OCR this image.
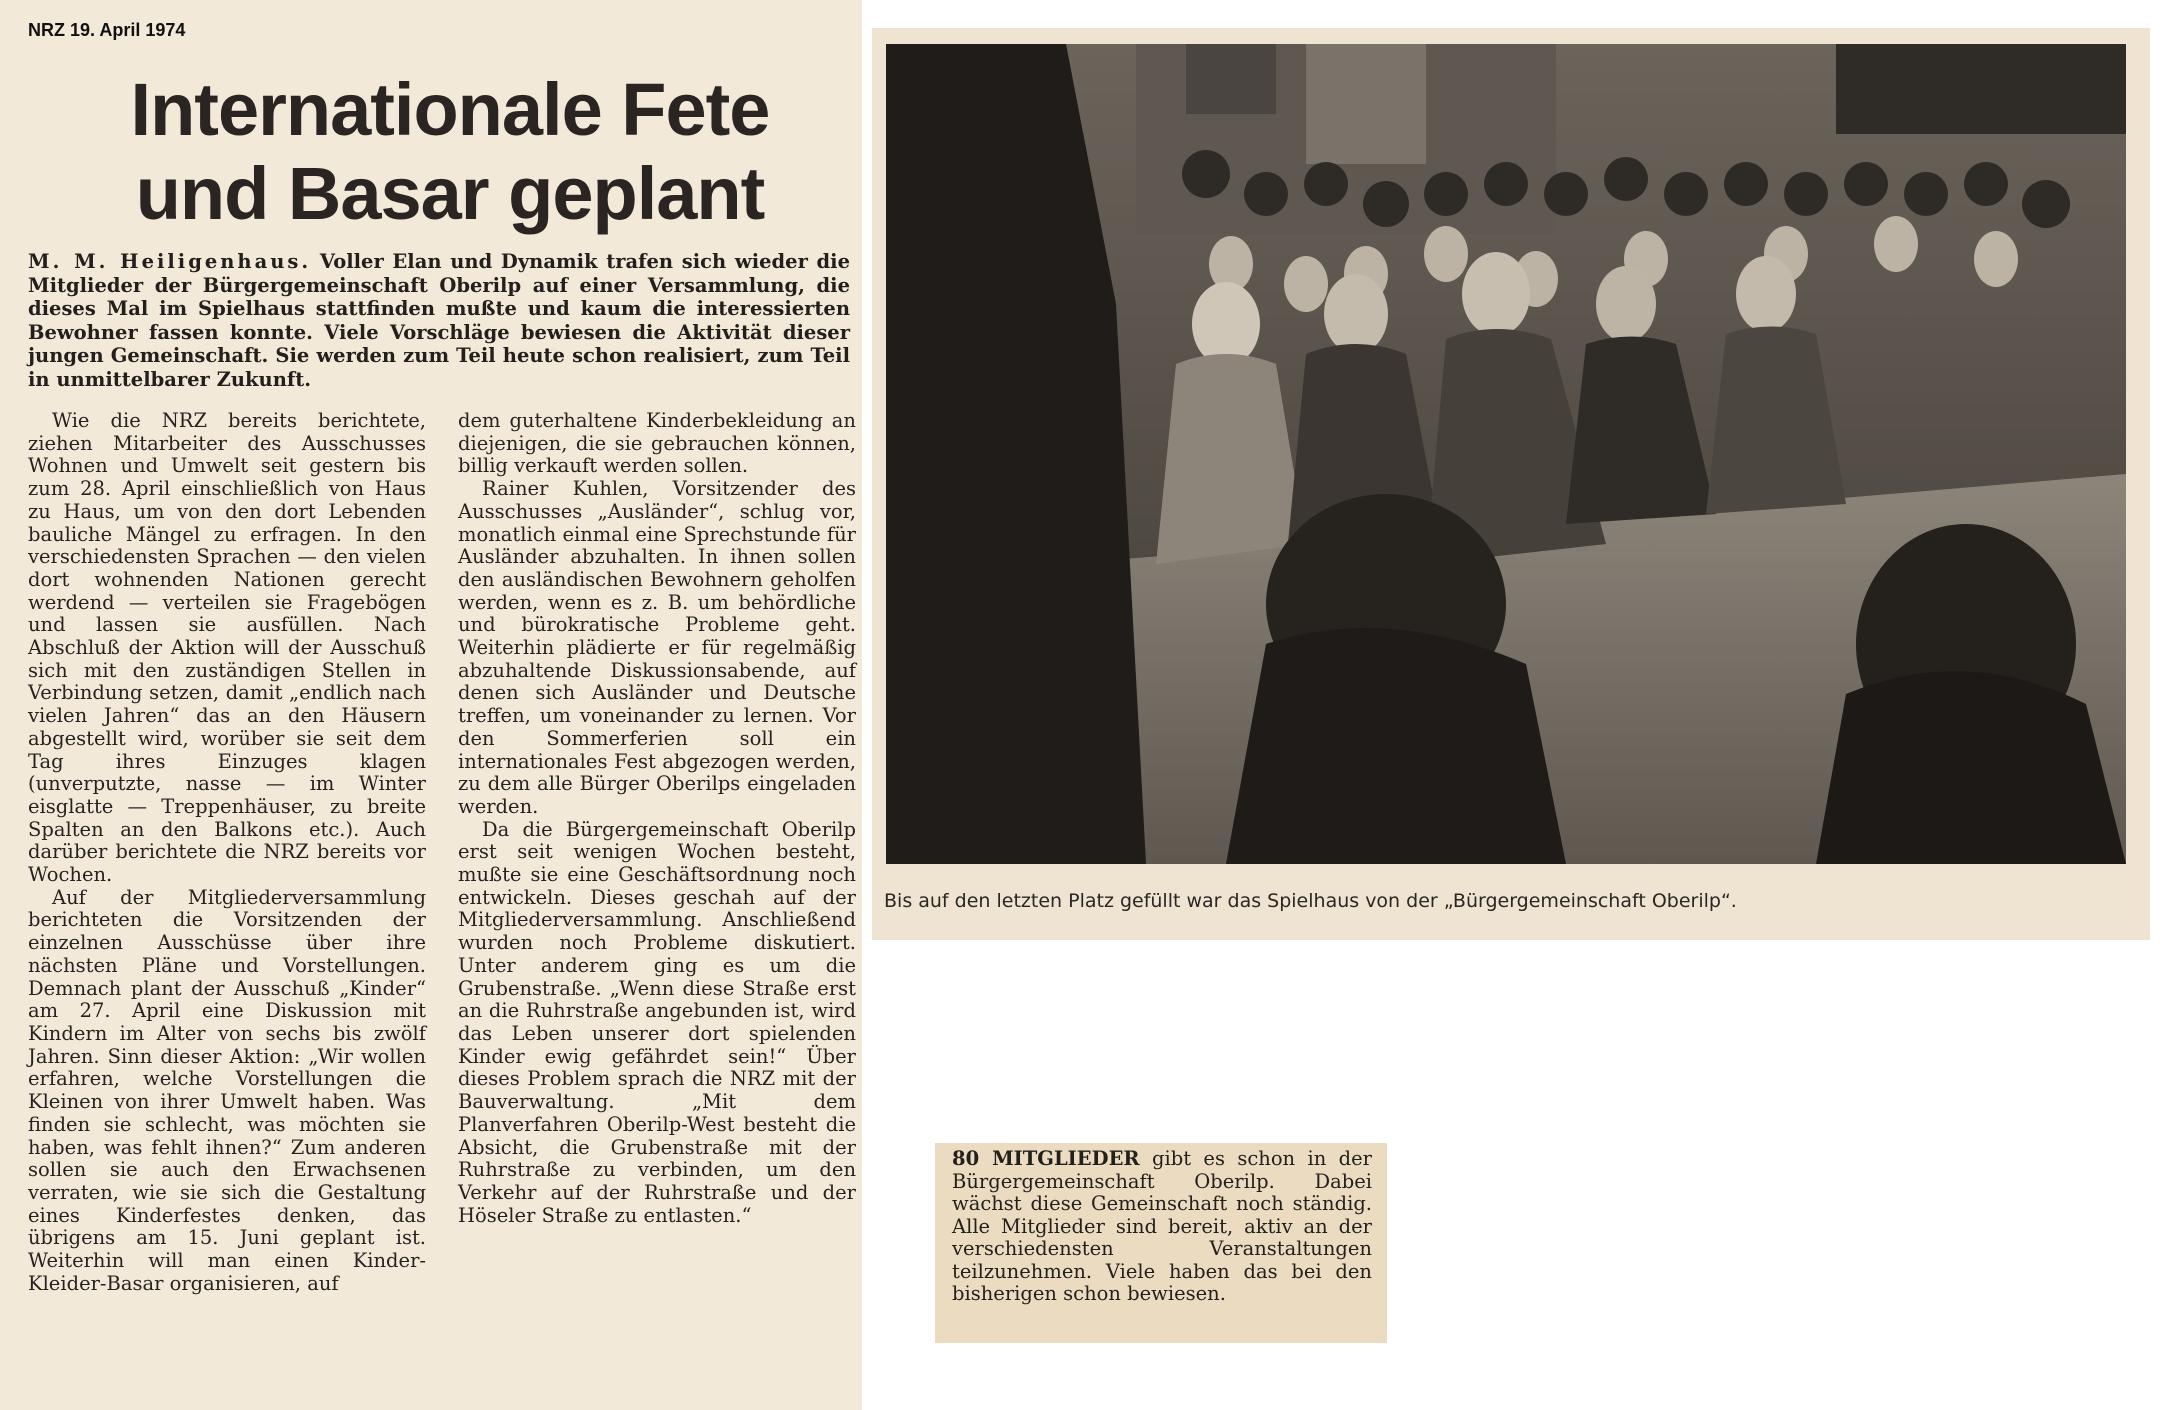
NRZ 19. April 1974
Internationale Fete
und Basar geplant

M. M. Heiligenhaus. Voller Elan und Dynamik trafen sich wieder die Mitglieder der Bürgergemeinschaft Oberilp auf einer Versammlung, die dieses Mal im Spielhaus stattfinden mußte und kaum die interessierten Bewohner fassen konnte. Viele Vorschläge bewiesen die Aktivität dieser jungen Gemeinschaft. Sie werden zum Teil heute schon realisiert, zum Teil in unmittelbarer Zukunft.

Wie die NRZ bereits berichtete, ziehen Mitarbeiter des Ausschusses Wohnen und Umwelt seit gestern bis zum 28. April einschließlich von Haus zu Haus, um von den dort Lebenden bauliche Mängel zu erfragen. In den verschiedensten Sprachen — den vielen dort wohnenden Nationen gerecht werdend — verteilen sie Fragebögen und lassen sie ausfüllen. Nach Abschluß der Aktion will der Ausschuß sich mit den zuständigen Stellen in Verbindung setzen, damit „endlich nach vielen Jahren“ das an den Häusern abgestellt wird, worüber sie seit dem Tag ihres Einzuges klagen (unverputzte, nasse — im Winter eisglatte — Treppenhäuser, zu breite Spalten an den Balkons etc.). Auch darüber berichtete die NRZ bereits vor Wochen.

Auf der Mitgliederversammlung berichteten die Vorsitzenden der einzelnen Ausschüsse über ihre nächsten Pläne und Vorstellungen. Demnach plant der Ausschuß „Kinder“ am 27. April eine Diskussion mit Kindern im Alter von sechs bis zwölf Jahren. Sinn dieser Aktion: „Wir wollen erfahren, welche Vorstellungen die Kleinen von ihrer Umwelt haben. Was finden sie schlecht, was möchten sie haben, was fehlt ihnen?“ Zum anderen sollen sie auch den Erwachsenen verraten, wie sie sich die Gestaltung eines Kinderfestes denken, das übrigens am 15. Juni geplant ist. Weiterhin will man einen Kinder-Kleider-Basar organisieren, auf

dem guterhaltene Kinderbekleidung an diejenigen, die sie gebrauchen können, billig verkauft werden sollen.

Rainer Kuhlen, Vorsitzender des Ausschusses „Ausländer“, schlug vor, monatlich einmal eine Sprechstunde für Ausländer abzuhalten. In ihnen sollen den ausländischen Bewohnern geholfen werden, wenn es z. B. um behördliche und bürokratische Probleme geht. Weiterhin plädierte er für regelmäßig abzuhaltende Diskussionsabende, auf denen sich Ausländer und Deutsche treffen, um voneinander zu lernen. Vor den Sommerferien soll ein internationales Fest abgezogen werden, zu dem alle Bürger Oberilps eingeladen werden.

Da die Bürgergemeinschaft Oberilp erst seit wenigen Wochen besteht, mußte sie eine Geschäftsordnung noch entwickeln. Dieses geschah auf der Mitgliederversammlung. Anschließend wurden noch Probleme diskutiert. Unter anderem ging es um die Grubenstraße. „Wenn diese Straße erst an die Ruhrstraße angebunden ist, wird das Leben unserer dort spielenden Kinder ewig gefährdet sein!“ Über dieses Problem sprach die NRZ mit der Bauverwaltung. „Mit dem Planverfahren Oberilp-West besteht die Absicht, die Grubenstraße mit der Ruhrstraße zu verbinden, um den Verkehr auf der Ruhrstraße und der Höseler Straße zu entlasten.“

Bis auf den letzten Platz gefüllt war das Spielhaus von der „Bürgergemeinschaft Oberilp“.

80 MITGLIEDER gibt es schon in der Bürgergemeinschaft Oberilp. Dabei wächst diese Gemeinschaft noch ständig. Alle Mitglieder sind bereit, aktiv an der verschiedensten Veranstaltungen teilzunehmen. Viele haben das bei den bisherigen schon bewiesen.
